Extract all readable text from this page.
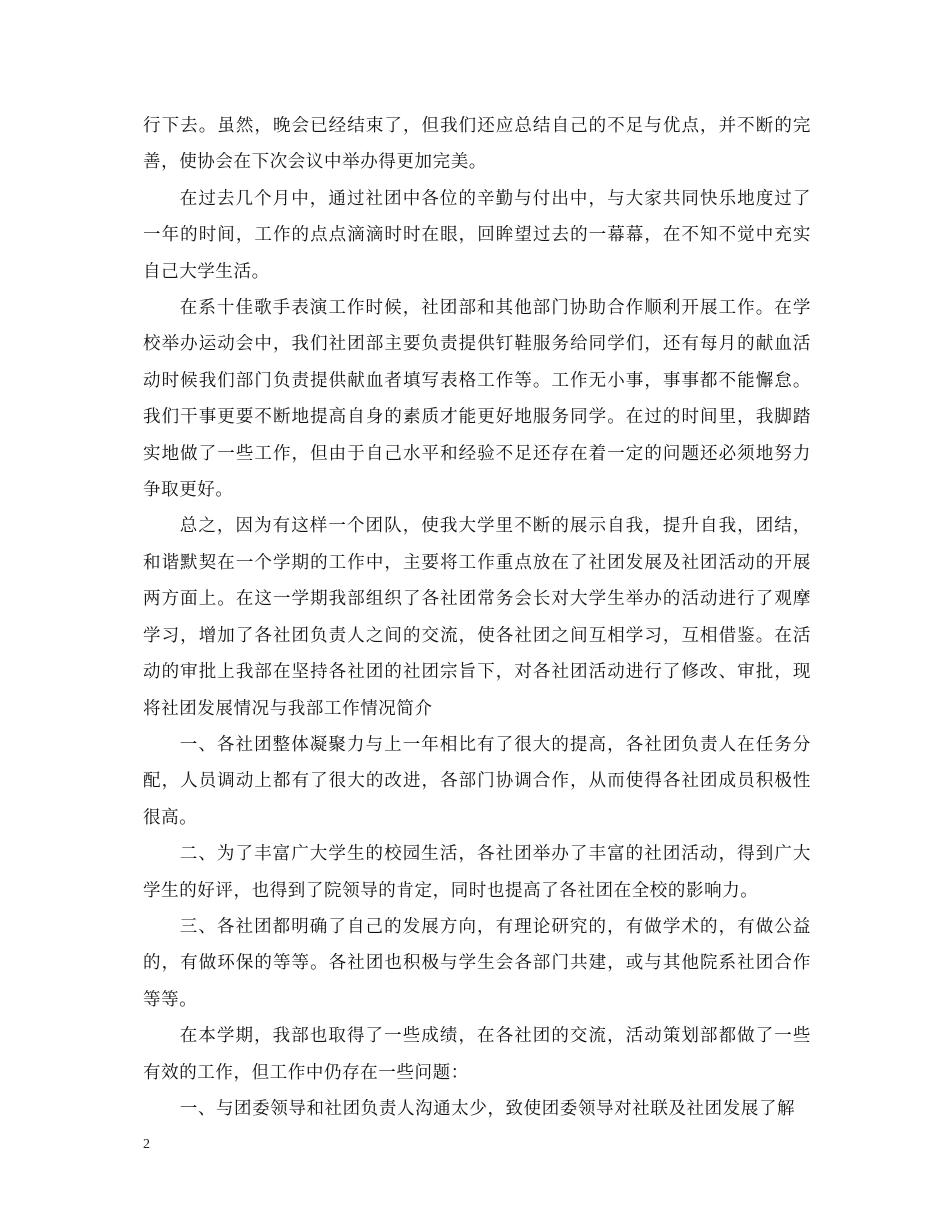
行下去。虽然，晚会已经结束了，但我们还应总结自己的不足与优点，并不断的完善，使协会在下次会议中举办得更加完美。

在过去几个月中，通过社团中各位的辛勤与付出中，与大家共同快乐地度过了一年的时间，工作的点点滴滴时时在眼，回眸望过去的一幕幕，在不知不觉中充实自己大学生活。

在系十佳歌手表演工作时候，社团部和其他部门协助合作顺利开展工作。在学校举办运动会中，我们社团部主要负责提供钉鞋服务给同学们，还有每月的献血活动时候我们部门负责提供献血者填写表格工作等。工作无小事，事事都不能懈怠。我们干事更要不断地提高自身的素质才能更好地服务同学。在过的时间里，我脚踏实地做了一些工作，但由于自己水平和经验不足还存在着一定的问题还必须地努力争取更好。

总之，因为有这样一个团队，使我大学里不断的展示自我，提升自我，团结，和谐默契在一个学期的工作中，主要将工作重点放在了社团发展及社团活动的开展两方面上。在这一学期我部组织了各社团常务会长对大学生举办的活动进行了观摩学习，增加了各社团负责人之间的交流，使各社团之间互相学习，互相借鉴。在活动的审批上我部在坚持各社团的社团宗旨下，对各社团活动进行了修改、审批，现将社团发展情况与我部工作情况简介

一、各社团整体凝聚力与上一年相比有了很大的提高，各社团负责人在任务分配，人员调动上都有了很大的改进，各部门协调合作，从而使得各社团成员积极性很高。

二、为了丰富广大学生的校园生活，各社团举办了丰富的社团活动，得到广大学生的好评，也得到了院领导的肯定，同时也提高了各社团在全校的影响力。

三、各社团都明确了自己的发展方向，有理论研究的，有做学术的，有做公益的，有做环保的等等。各社团也积极与学生会各部门共建，或与其他院系社团合作等等。

在本学期，我部也取得了一些成绩，在各社团的交流，活动策划部都做了一些有效的工作，但工作中仍存在一些问题：

一、与团委领导和社团负责人沟通太少，致使团委领导对社联及社团发展了解

2
